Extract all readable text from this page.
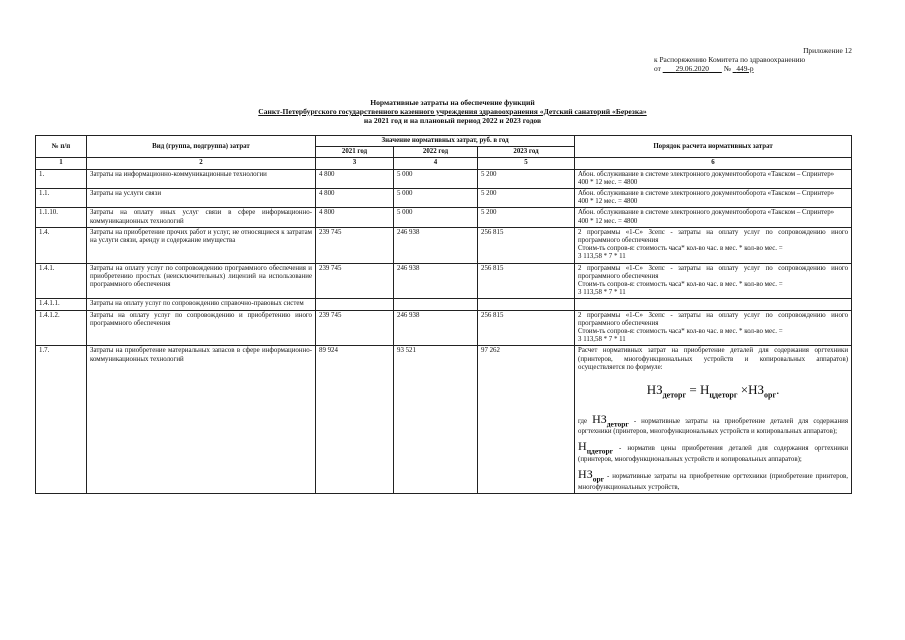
Приложение 12
к Распоряжению Комитета по здравоохранению
от 29.06.2020 № 449-р
Нормативные затраты на обеспечение функций
Санкт-Петербургского государственного казенного учреждения здравоохранения «Детский санаторий «Березка»
на 2021 год и на плановый период 2022 и 2023 годов
№ п/п	Вид (группа, подгруппа) затрат	Значение нормативных затрат, руб. в год			Порядок расчета нормативных затрат
		2021 год	2022 год	2023 год	
1	2	3	4	5	6
1.	Затраты на информационно-коммуникационные технологии	4 800	5 000	5 200	Абон. обслуживание в системе электронного документооборота «Такском – Спринтер»
400 * 12 мес. = 4800

1.1.	Затраты на услуги связи	4 800	5 000	5 200	Абон. обслуживание в системе электронного документооборота «Такском – Спринтер»
400 * 12 мес. = 4800

1.1.10.	Затраты на оплату иных услуг связи в сфере информационно-коммуникационных технологий	4 800	5 000	5 200	Абон. обслуживание в системе электронного документооборота «Такском – Спринтер»
400 * 12 мес. = 4800

1.4.	Затраты на приобретение прочих работ и услуг, не относящиеся к затратам на услуги связи, аренду и содержание имущества	239 745	246 938	256 815	2 программы «1-С» Зсепс - затраты на оплату услуг по сопровождению иного программного обеспечения
Стоим-ть сопров-я: стоимость часа* кол-во час. в мес. * кол-во мес. =
3 113,58 * 7 * 11

1.4.1.	Затраты на оплату услуг по сопровождению программного обеспечения и приобретению простых (неисключительных) лицензий на использование программного обеспечения	239 745	246 938	256 815	2 программы «1-С» Зсепс - затраты на оплату услуг по сопровождению иного программного обеспечения
Стоим-ть сопров-я: стоимость часа* кол-во час. в мес. * кол-во мес. =
3 113,58 * 7 * 11

1.4.1.1.	Затраты на оплату услуг по сопровождению справочно-правовых систем				
1.4.1.2.	Затраты на оплату услуг по сопровождению и приобретению иного программного обеспечения	239 745	246 938	256 815	2 программы «1-С» Зсепс - затраты на оплату услуг по сопровождению иного программного обеспечения
Стоим-ть сопров-я: стоимость часа* кол-во час. в мес. * кол-во мес. =
3 113,58 * 7 * 11

1.7.	Затраты на приобретение материальных запасов в сфере информационно-коммуникационных технологий	89 924	93 521	97 262	Расчет нормативных затрат на приобретение деталей для содержания оргтехники (принтеров, многофункциональных устройств и копировальных аппаратов) осуществляется по формуле:
$НЗ_{деторг} = Н_{цдеторг} \times НЗ_{орг}$.
где $НЗ_{деторг}$ - нормативные затраты на приобретение деталей для содержания оргтехники (принтеров, многофункциональных устройств и копировальных аппаратов);
$Н_{цдеторг}$ - норматив цены приобретения деталей для содержания оргтехники (принтеров, многофункциональных устройств и копировальных аппаратов);
$НЗ_{орг}$ - нормативные затраты на приобретение оргтехники (приобретение принтеров, многофункциональных устройств,
